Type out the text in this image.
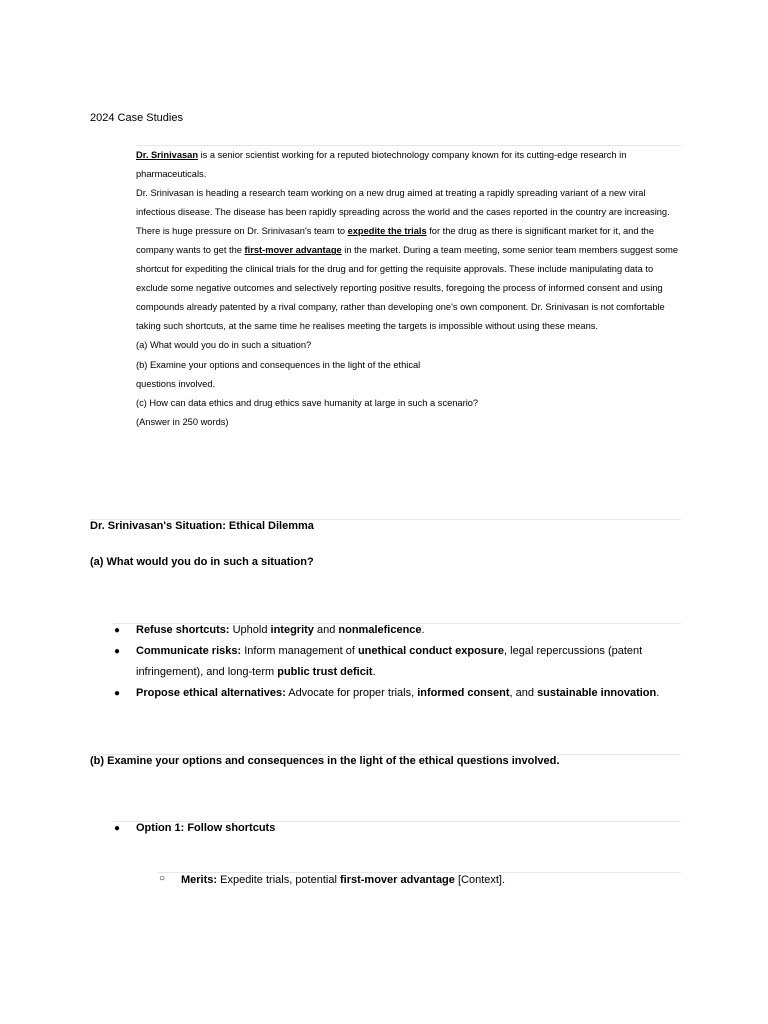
2024 Case Studies

Dr. Srinivasan is a senior scientist working for a reputed biotechnology company known for its cutting-edge research in pharmaceuticals.

Dr. Srinivasan is heading a research team working on a new drug aimed at treating a rapidly spreading variant of a new viral infectious disease. The disease has been rapidly spreading across the world and the cases reported in the country are increasing. There is huge pressure on Dr. Srinivasan's team to expedite the trials for the drug as there is significant market for it, and the company wants to get the first-mover advantage in the market. During a team meeting, some senior team members suggest some shortcut for expediting the clinical trials for the drug and for getting the requisite approvals. These include manipulating data to exclude some negative outcomes and selectively reporting positive results, foregoing the process of informed consent and using compounds already patented by a rival company, rather than developing one's own component. Dr. Srinivasan is not comfortable taking such shortcuts, at the same time he realises meeting the targets is impossible without using these means.

(a) What would you do in such a situation?

(b) Examine your options and consequences in the light of the ethical

questions involved.

(c) How can data ethics and drug ethics save humanity at large in such a scenario?

(Answer in 250 words)

Dr. Srinivasan's Situation: Ethical Dilemma
(a) What would you do in such a situation?
● Refuse shortcuts: Uphold integrity and nonmaleficence.
● Communicate risks: Inform management of unethical conduct exposure, legal repercussions (patent infringement), and long-term public trust deficit.
● Propose ethical alternatives: Advocate for proper trials, informed consent, and sustainable innovation.
(b) Examine your options and consequences in the light of the ethical questions involved.
● Option 1: Follow shortcuts
○ Merits: Expedite trials, potential first-mover advantage [Context].
